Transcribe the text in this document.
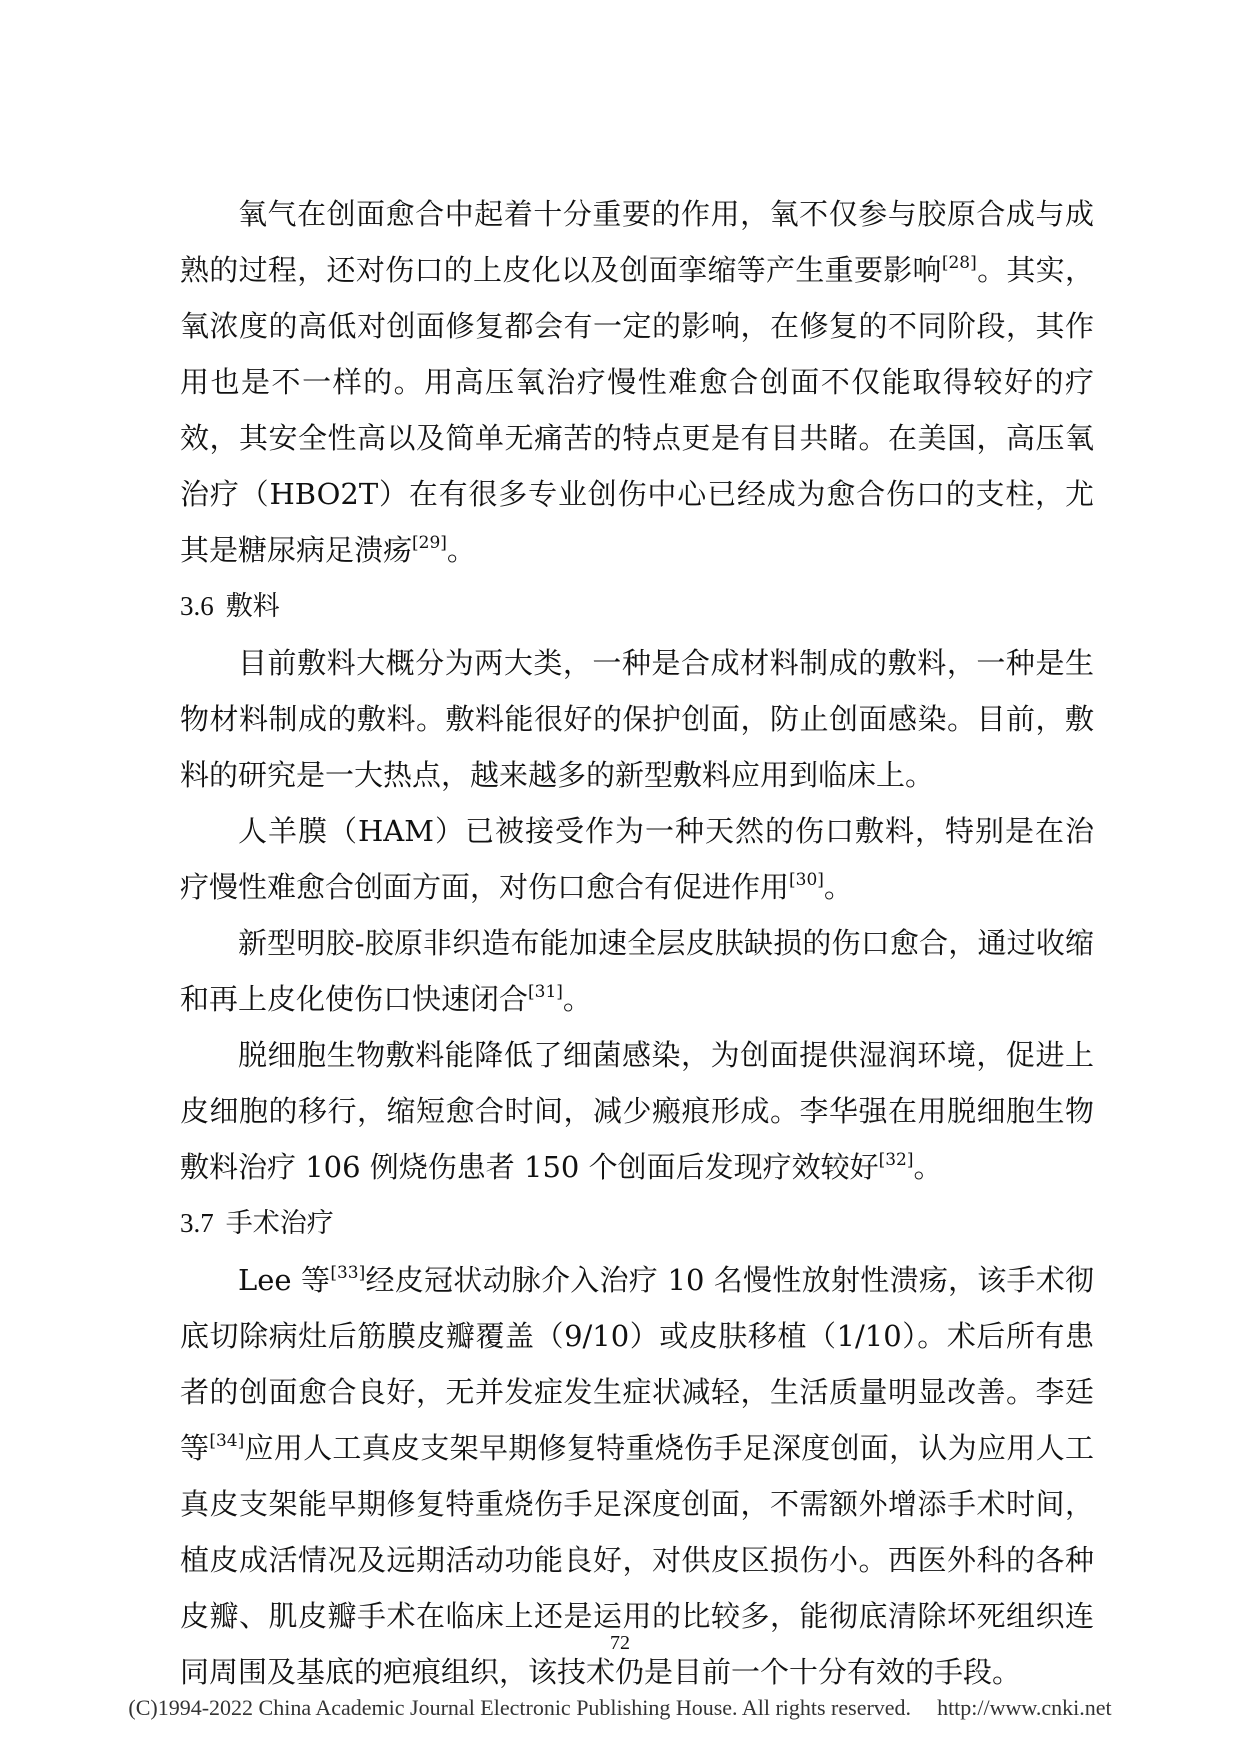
氧气在创面愈合中起着十分重要的作用，氧不仅参与胶原合成与成熟的过程，还对伤口的上皮化以及创面挛缩等产生重要影响[28]。其实，氧浓度的高低对创面修复都会有一定的影响，在修复的不同阶段，其作用也是不一样的。用高压氧治疗慢性难愈合创面不仅能取得较好的疗效，其安全性高以及简单无痛苦的特点更是有目共睹。在美国，高压氧治疗（HBO2T）在有很多专业创伤中心已经成为愈合伤口的支柱，尤其是糖尿病足溃疡[29]。

3.6 敷料

目前敷料大概分为两大类，一种是合成材料制成的敷料，一种是生物材料制成的敷料。敷料能很好的保护创面，防止创面感染。目前，敷料的研究是一大热点，越来越多的新型敷料应用到临床上。

人羊膜（HAM）已被接受作为一种天然的伤口敷料，特别是在治疗慢性难愈合创面方面，对伤口愈合有促进作用[30]。

新型明胶-胶原非织造布能加速全层皮肤缺损的伤口愈合，通过收缩和再上皮化使伤口快速闭合[31]。

脱细胞生物敷料能降低了细菌感染，为创面提供湿润环境，促进上皮细胞的移行，缩短愈合时间，减少瘢痕形成。李华强在用脱细胞生物敷料治疗 106 例烧伤患者 150 个创面后发现疗效较好[32]。

3.7 手术治疗

Lee 等[33]经皮冠状动脉介入治疗 10 名慢性放射性溃疡，该手术彻底切除病灶后筋膜皮瓣覆盖（9/10）或皮肤移植（1/10）。术后所有患者的创面愈合良好，无并发症发生症状减轻，生活质量明显改善。李廷等[34]应用人工真皮支架早期修复特重烧伤手足深度创面，认为应用人工真皮支架能早期修复特重烧伤手足深度创面，不需额外增添手术时间，植皮成活情况及远期活动功能良好，对供皮区损伤小。西医外科的各种皮瓣、肌皮瓣手术在临床上还是运用的比较多，能彻底清除坏死组织连同周围及基底的疤痕组织，该技术仍是目前一个十分有效的手段。

72
(C)1994-2022 China Academic Journal Electronic Publishing House. All rights reserved. http://www.cnki.net
